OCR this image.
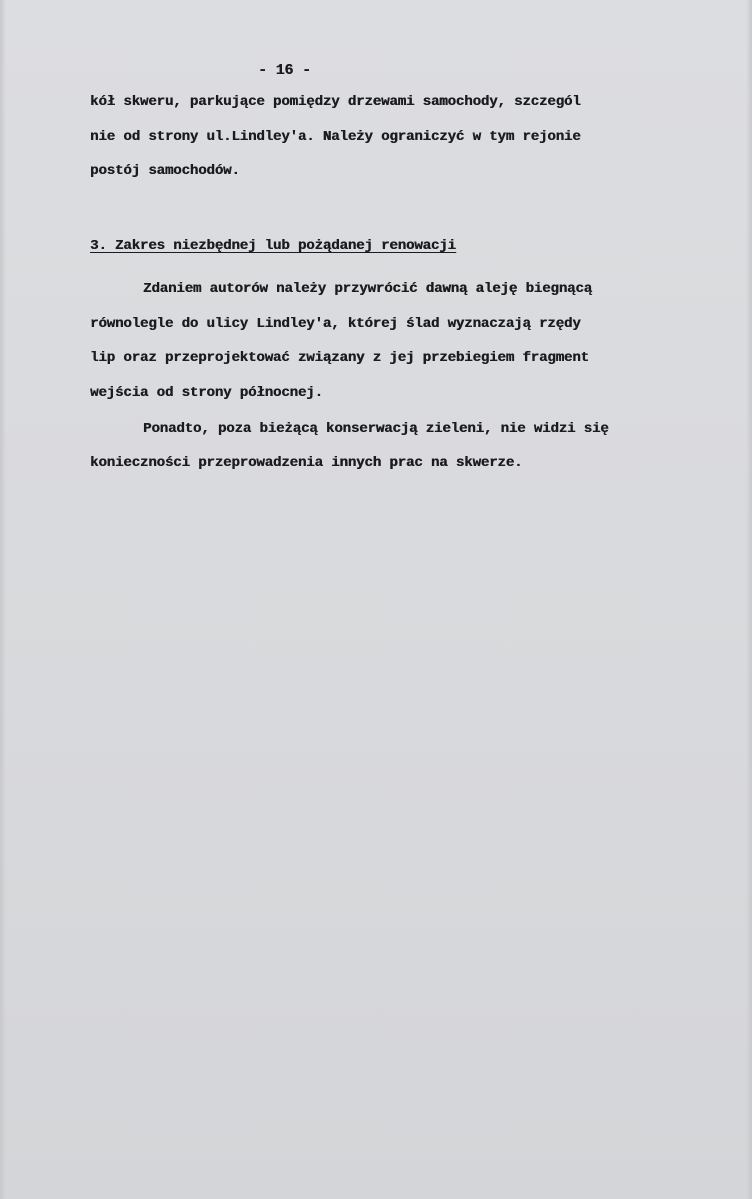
- 16 -
kół skweru, parkujące pomiędzy drzewami samochody, szczegól
nie od strony ul.Lindley'a. Należy ograniczyć w tym rejonie
postój samochodów.
3. Zakres niezbędnej lub pożądanej renowacji
Zdaniem autorów należy przywrócić dawną aleję biegnącą
równolegle do ulicy Lindley'a, której ślad wyznaczają rzędy
lip oraz przeprojektować związany z jej przebiegiem fragment
wejścia od strony północnej.
Ponadto, poza bieżącą konserwacją zieleni, nie widzi się
konieczności przeprowadzenia innych prac na skwerze.
